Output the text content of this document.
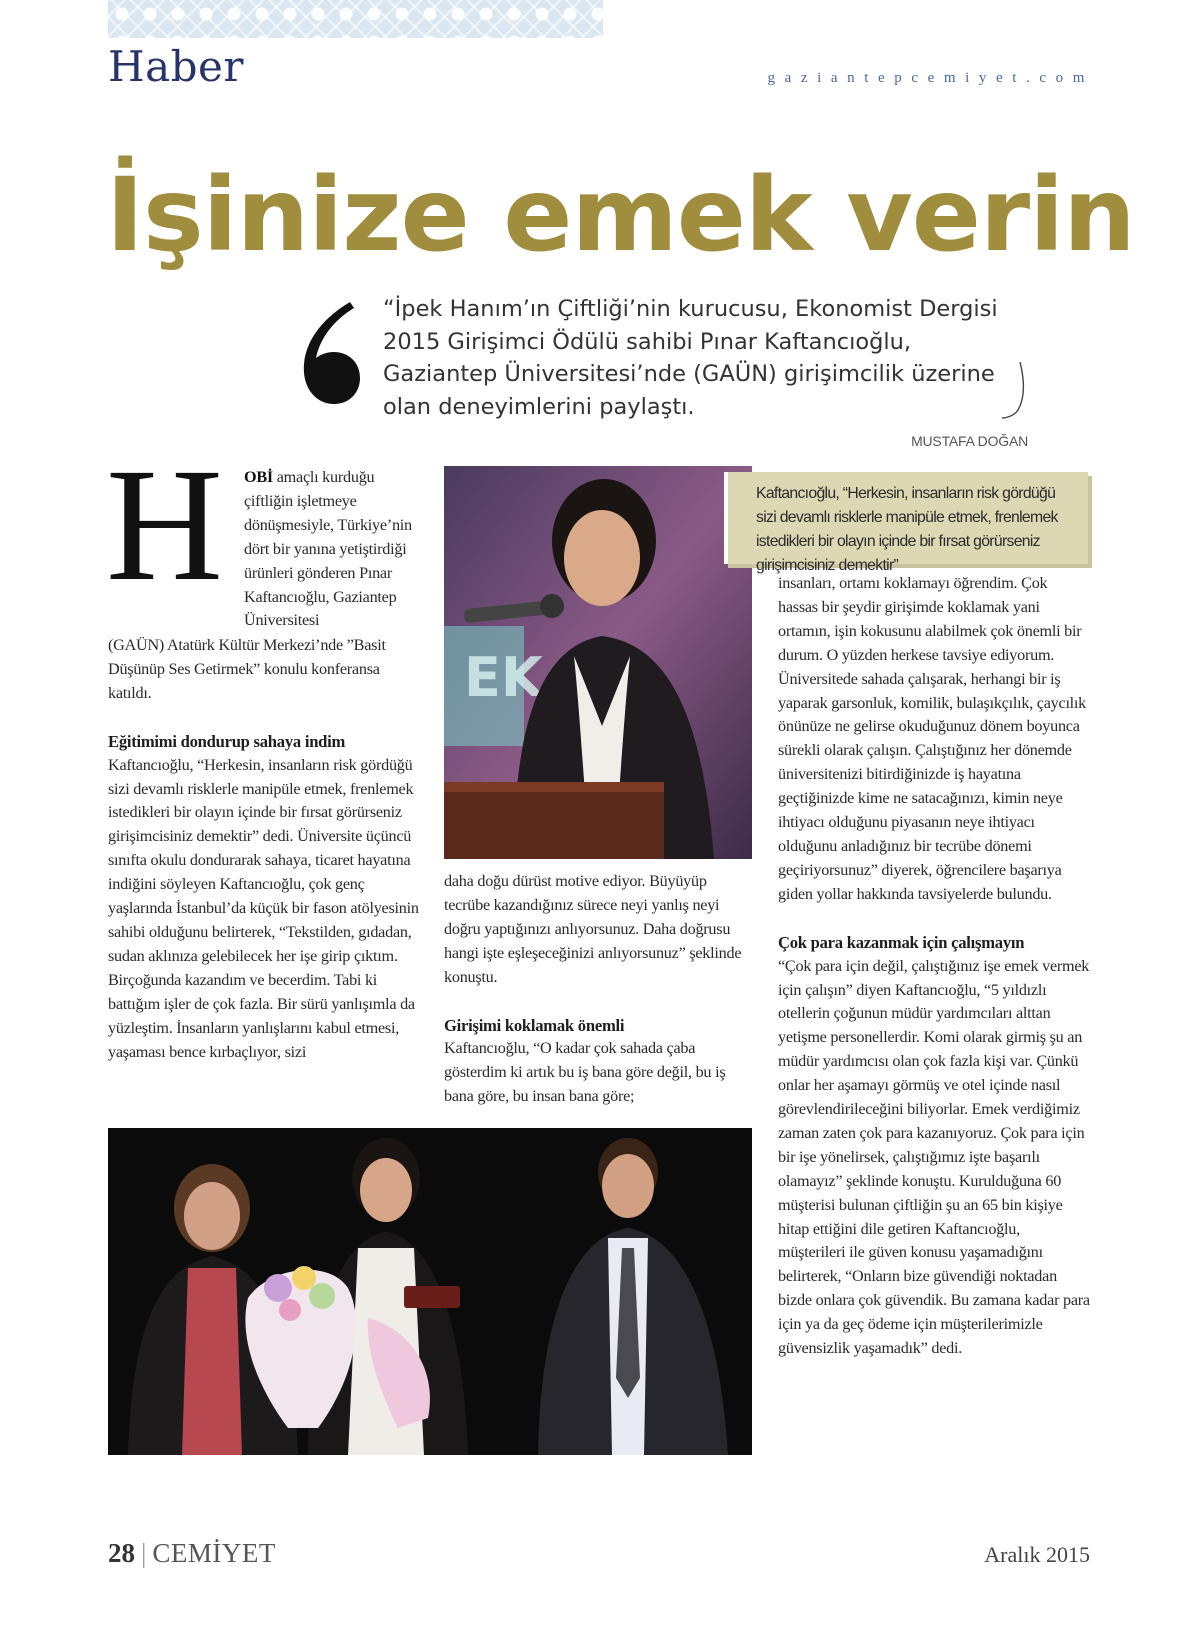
Haber	gaziantepcemiyet.com
İşinize emek verin
“İpek Hanım’ın Çiftliği’nin kurucusu, Ekonomist Dergisi 2015 Girişimci Ödülü sahibi Pınar Kaftancıoğlu, Gaziantep Üniversitesi’nde (GAÜN) girişimcilik üzerine olan deneyimlerini paylaştı.
MUSTAFA DOĞAN
H	OBİ amaçlı kurduğu çiftliğin işletmeye dönüşmesiyle, Türkiye’nin dört bir yanına yetiştirdiği ürünleri gönderen Pınar Kaftancıoğlu, Gaziantep Üniversitesi

(GAÜN) Atatürk Kültür Merkezi’nde ”Basit Düşünüp Ses Getirmek” konulu konferansa katıldı.

Eğitimimi dondurup sahaya indim

Kaftancıoğlu, “Herkesin, insanların risk gördüğü sizi devamlı risklerle manipüle etmek, frenlemek istedikleri bir olayın içinde bir fırsat görürseniz girişimcisiniz demektir” dedi. Üniversite üçüncü sınıfta okulu dondurarak sahaya, ticaret hayatına indiğini söyleyen Kaftancıoğlu, çok genç yaşlarında İstanbul’da küçük bir fason atölyesinin sahibi olduğunu belirterek, “Tekstilden, gıdadan, sudan aklınıza gelebilecek her işe girip çıktım. Birçoğunda kazandım ve becerdim. Tabi ki battığım işler de çok fazla. Bir sürü yanlışımla da yüzleştim. İnsanların yanlışlarını kabul etmesi, yaşaması bence kırbaçlıyor, sizi

EK

daha doğu dürüst motive ediyor. Büyüyüp tecrübe kazandığınız sürece neyi yanlış neyi doğru yaptığınızı anlıyorsunuz. Daha doğrusu hangi işte eşleşeceğinizi anlıyorsunuz” şeklinde konuştu.

Girişimi koklamak önemli

Kaftancıoğlu, “O kadar çok sahada çaba gösterdim ki artık bu iş bana göre değil, bu iş bana göre, bu insan bana göre;

Kaftancıoğlu, “Herkesin, insanların risk gördüğü sizi devamlı risklerle manipüle etmek, frenlemek istedikleri bir olayın içinde bir fırsat görürseniz girişimcisiniz demektir”

insanları, ortamı koklamayı öğrendim. Çok hassas bir şeydir girişimde koklamak yani ortamın, işin kokusunu alabilmek çok önemli bir durum. O yüzden herkese tavsiye ediyorum. Üniversitede sahada çalışarak, herhangi bir iş yaparak garsonluk, komilik, bulaşıkçılık, çaycılık önünüze ne gelirse okuduğunuz dönem boyunca sürekli olarak çalışın. Çalıştığınız her dönemde üniversitenizi bitirdiğinizde iş hayatına geçtiğinizde kime ne satacağınızı, kimin neye ihtiyacı olduğunu piyasanın neye ihtiyacı olduğunu anladığınız bir tecrübe dönemi geçiriyorsunuz” diyerek, öğrencilere başarıya giden yollar hakkında tavsiyelerde bulundu.

Çok para kazanmak için çalışmayın

“Çok para için değil, çalıştığınız işe emek vermek için çalışın” diyen Kaftancıoğlu, “5 yıldızlı otellerin çoğunun müdür yardımcıları alttan yetişme personellerdir. Komi olarak girmiş şu an müdür yardımcısı olan çok fazla kişi var. Çünkü onlar her aşamayı görmüş ve otel içinde nasıl görevlendirileceğini biliyorlar. Emek verdiğimiz zaman zaten çok para kazanıyoruz. Çok para için bir işe yönelirsek, çalıştığımız işte başarılı olamayız” şeklinde konuştu. Kurulduğuna 60 müşterisi bulunan çiftliğin şu an 65 bin kişiye hitap ettiğini dile getiren Kaftancıoğlu, müşterileri ile güven konusu yaşamadığını belirterek, “Onların bize güvendiği noktadan bizde onlara çok güvendik. Bu zamana kadar para için ya da geç ödeme için müşterilerimizle güvensizlik yaşamadık” dedi.

28 | CEMİYET	Aralık 2015
